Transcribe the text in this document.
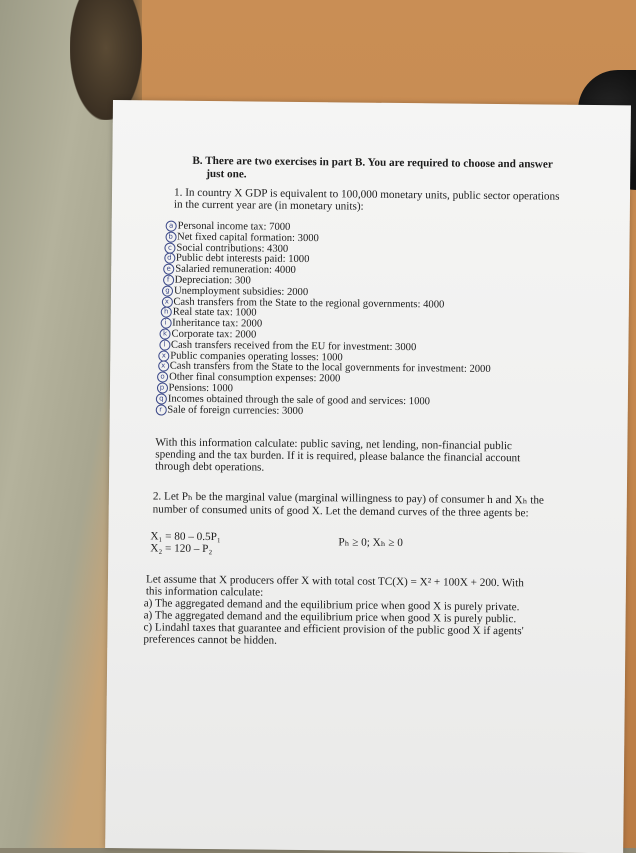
B. There are two exercises in part B. You are required to choose and answer
just one.
1. In country X GDP is equivalent to 100,000 monetary units, public sector operations
in the current year are (in monetary units):
a Personal income tax: 7000
b Net fixed capital formation: 3000
c Social contributions: 4300
d Public debt interests paid: 1000
e Salaried remuneration: 4000
f Depreciation: 300
g Unemployment subsidies: 2000
x Cash transfers from the State to the regional governments: 4000
h Real state tax: 1000
i Inheritance tax: 2000
k Corporate tax: 2000
l Cash transfers received from the EU for investment: 3000
x Public companies operating losses: 1000
x Cash transfers from the State to the local governments for investment: 2000
o Other final consumption expenses: 2000
p Pensions: 1000
q Incomes obtained through the sale of good and services: 1000
r Sale of foreign currencies: 3000
With this information calculate: public saving, net lending, non-financial public
spending and the tax burden. If it is required, please balance the financial account
through debt operations.
2. Let Pₕ be the marginal value (marginal willingness to pay) of consumer h and Xₕ the
number of consumed units of good X. Let the demand curves of the three agents be:
X₁ = 80 – 0.5P₁
X₂ = 120 – P₂	Pₕ ≥ 0; Xₕ ≥ 0
Let assume that X producers offer X with total cost TC(X) = X² + 100X + 200. With
this information calculate:
a) The aggregated demand and the equilibrium price when good X is purely private.
a) The aggregated demand and the equilibrium price when good X is purely public.
c) Lindahl taxes that guarantee and efficient provision of the public good X if agents'
preferences cannot be hidden.
